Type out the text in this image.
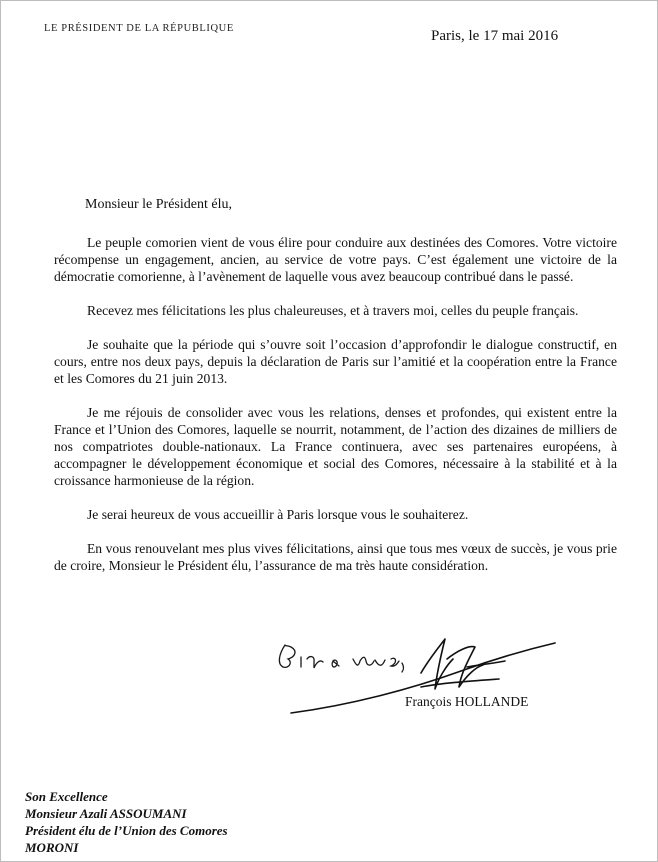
LE PRÉSIDENT DE LA RÉPUBLIQUE	Paris, le 17 mai 2016
Monsieur le Président élu,

Le peuple comorien vient de vous élire pour conduire aux destinées des Comores. Votre victoire récompense un engagement, ancien, au service de votre pays. C’est également une victoire de la démocratie comorienne, à l’avènement de laquelle vous avez beaucoup contribué dans le passé.

Recevez mes félicitations les plus chaleureuses, et à travers moi, celles du peuple français.

Je souhaite que la période qui s’ouvre soit l’occasion d’approfondir le dialogue constructif, en cours, entre nos deux pays, depuis la déclaration de Paris sur l’amitié et la coopération entre la France et les Comores du 21 juin 2013.

Je me réjouis de consolider avec vous les relations, denses et profondes, qui existent entre la France et l’Union des Comores, laquelle se nourrit, notamment, de l’action des dizaines de milliers de nos compatriotes double-nationaux. La France continuera, avec ses partenaires européens, à accompagner le développement économique et social des Comores, nécessaire à la stabilité et à la croissance harmonieuse de la région.

Je serai heureux de vous accueillir à Paris lorsque vous le souhaiterez.

En vous renouvelant mes plus vives félicitations, ainsi que tous mes vœux de succès, je vous prie de croire, Monsieur le Président élu, l’assurance de ma très haute considération.

François HOLLANDE
Son Excellence
Monsieur Azali ASSOUMANI
Président élu de l’Union des Comores
MORONI
